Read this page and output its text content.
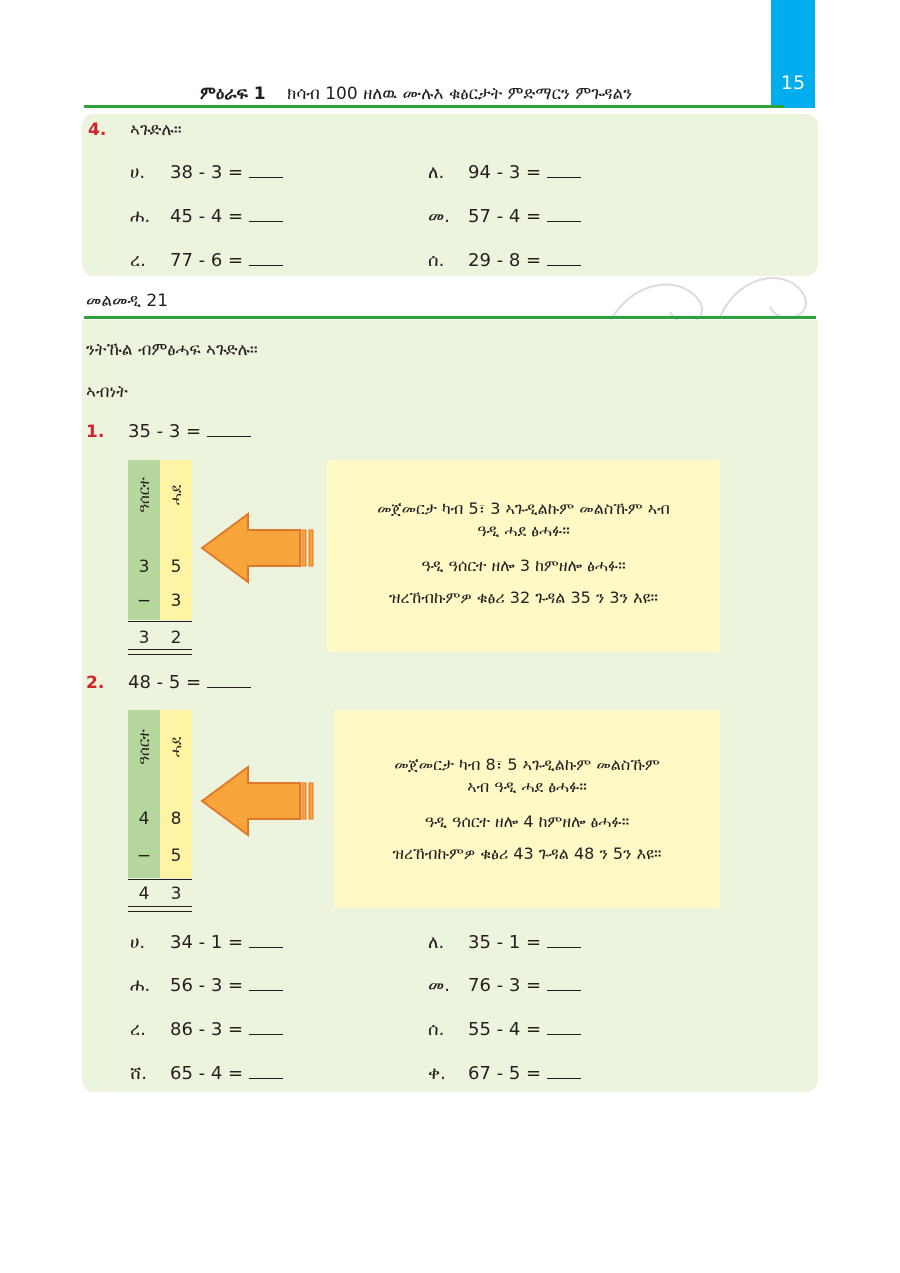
15
ምዕራፍ 1 ክሳብ 100 ዘለዉ ሙሉእ ቁፅርታት ምድማርን ምጉዳልን
4. ኣጉድሉ።
ሀ. 38 - 3 =	ለ. 94 - 3 =
ሐ. 45 - 4 =	መ. 57 - 4 =
ረ. 77 - 6 =	ሰ. 29 - 8 =
መልመዲ 21
ንትኹል ብምፅሓፍ ኣጉድሉ።
ኣብነት
1. 35 - 3 =
ዓሰርተ ሓደ
3	5
−	3
3	2
መጀመርታ ካብ 5፣ 3 ኣጉዲልኩም መልስኹም ኣብ
ዓዲ ሓደ ፅሓፉ።
ዓዲ ዓሰርተ ዘሎ 3 ከምዘሎ ፅሓፉ።
ዝረኸብኩምዎ ቁፅሪ 32 ጉዳል 35 ን 3ን እዩ።
2. 48 - 5 =
ዓሰርተ ሓደ
4	8
−	5
4	3
መጀመርታ ካብ 8፣ 5 ኣጉዲልኩም መልስኹም
ኣብ ዓዲ ሓደ ፅሓፉ።
ዓዲ ዓሰርተ ዘሎ 4 ከምዘሎ ፅሓፉ።
ዝረኸብኩምዎ ቁፅሪ 43 ጉዳል 48 ን 5ን እዩ።
ሀ. 34 - 1 =	ለ. 35 - 1 =
ሐ. 56 - 3 =	መ. 76 - 3 =
ረ. 86 - 3 =	ሰ. 55 - 4 =
ሸ. 65 - 4 =	ቀ. 67 - 5 =
